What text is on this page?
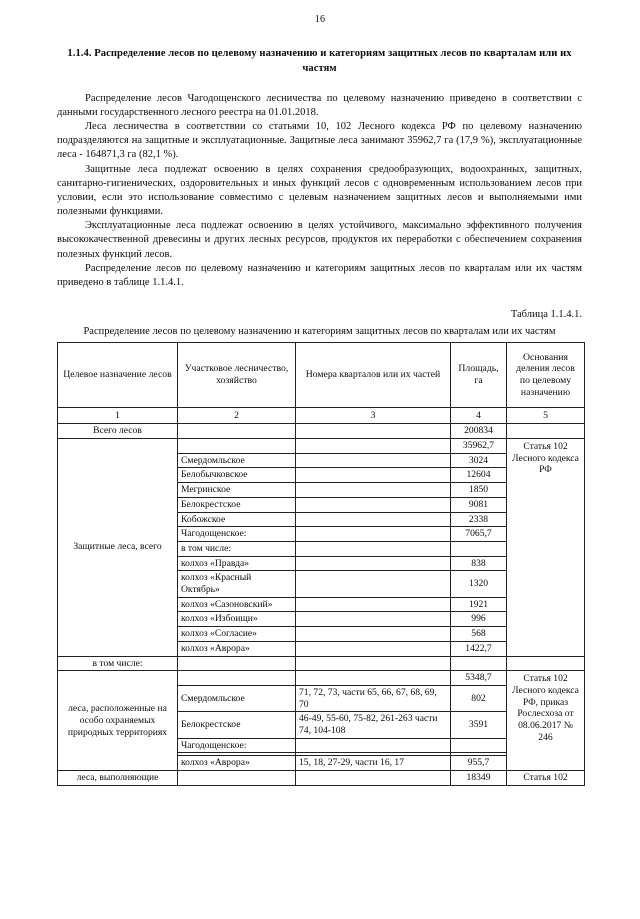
16
1.1.4. Распределение лесов по целевому назначению и категориям защитных лесов по кварталам или их частям

Распределение лесов Чагодощенского лесничества по целевому назначению приведено в соответствии с данными государственного лесного реестра на 01.01.2018.

Леса лесничества в соответствии со статьями 10, 102 Лесного кодекса РФ по целевому назначению подразделяются на защитные и эксплуатационные. Защитные леса занимают 35962,7 га (17,9 %), эксплуатационные леса - 164871,3 га (82,1 %).

Защитные леса подлежат освоению в целях сохранения средообразующих, водоохранных, защитных, санитарно-гигиенических, оздоровительных и иных функций лесов с одновременным использованием лесов при условии, если это использование совместимо с целевым назначением защитных лесов и выполняемыми ими полезными функциями.

Эксплуатационные леса подлежат освоению в целях устойчивого, максимально эффективного получения высококачественной древесины и других лесных ресурсов, продуктов их переработки с обеспечением сохранения полезных функций лесов.

Распределение лесов по целевому назначению и категориям защитных лесов по кварталам или их частям приведено в таблице 1.1.4.1.

Таблица 1.1.4.1.
Распределение лесов по целевому назначению и категориям защитных лесов по кварталам или их частям
Целевое назначение лесов	Участковое лесничество, хозяйство	Номера кварталов или их частей	Площадь, га	Основания деления лесов по целевому назначению
1	2	3	4	5
Всего лесов			200834	
Защитные леса, всего			35962,7	Статья 102 Лесного кодекса РФ
	Смердомльское		3024	
	Белобычковское		12604	
	Мегринское		1850	
	Белокрестское		9081	
	Кобожское		2338	
	Чагодощенское:		7065,7	
	в том числе:			
	колхоз «Правда»		838	
	колхоз «Красный Октябрь»		1320	
	колхоз «Сазоновский»		1921	
	колхоз «Избоищи»		996	
	колхоз «Согласие»		568	
	колхоз «Аврора»		1422,7	
в том числе:				
леса, расположенные на особо охраняемых природных территориях			5348,7	Статья 102 Лесного кодекса РФ, приказ Рослесхоза от 08.06.2017 № 246
	Смердомльское	71, 72, 73, части 65, 66, 67, 68, 69, 70	802	
	Белокрестское	46-49, 55-60, 75-82, 261-263 части 74, 104-108	3591	
	Чагодощенское:			

	колхоз «Аврора»	15, 18, 27-29, части 16, 17	955,7	
леса, выполняющие			18349	Статья 102
